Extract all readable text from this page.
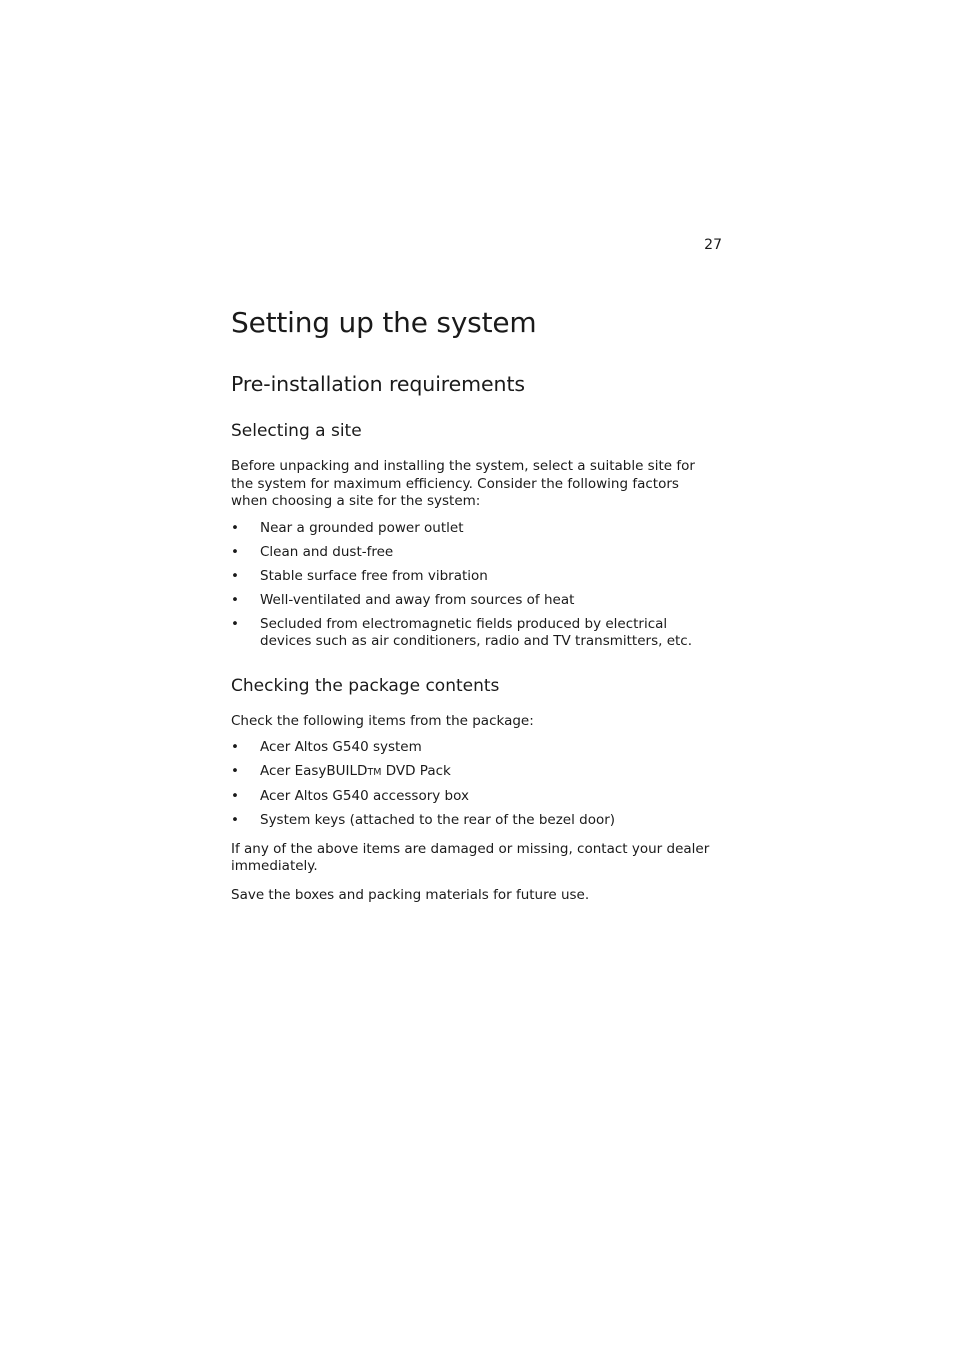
27
Setting up the system
Pre-installation requirements
Selecting a site

Before unpacking and installing the system, select a suitable site for the system for maximum efficiency. Consider the following factors when choosing a site for the system:

• Near a grounded power outlet
• Clean and dust-free
• Stable surface free from vibration
• Well-ventilated and away from sources of heat
• Secluded from electromagnetic fields produced by electrical devices such as air conditioners, radio and TV transmitters, etc.
Checking the package contents

Check the following items from the package:

• Acer Altos G540 system
• Acer EasyBUILDTM DVD Pack
• Acer Altos G540 accessory box
• System keys (attached to the rear of the bezel door)

If any of the above items are damaged or missing, contact your dealer immediately.

Save the boxes and packing materials for future use.
